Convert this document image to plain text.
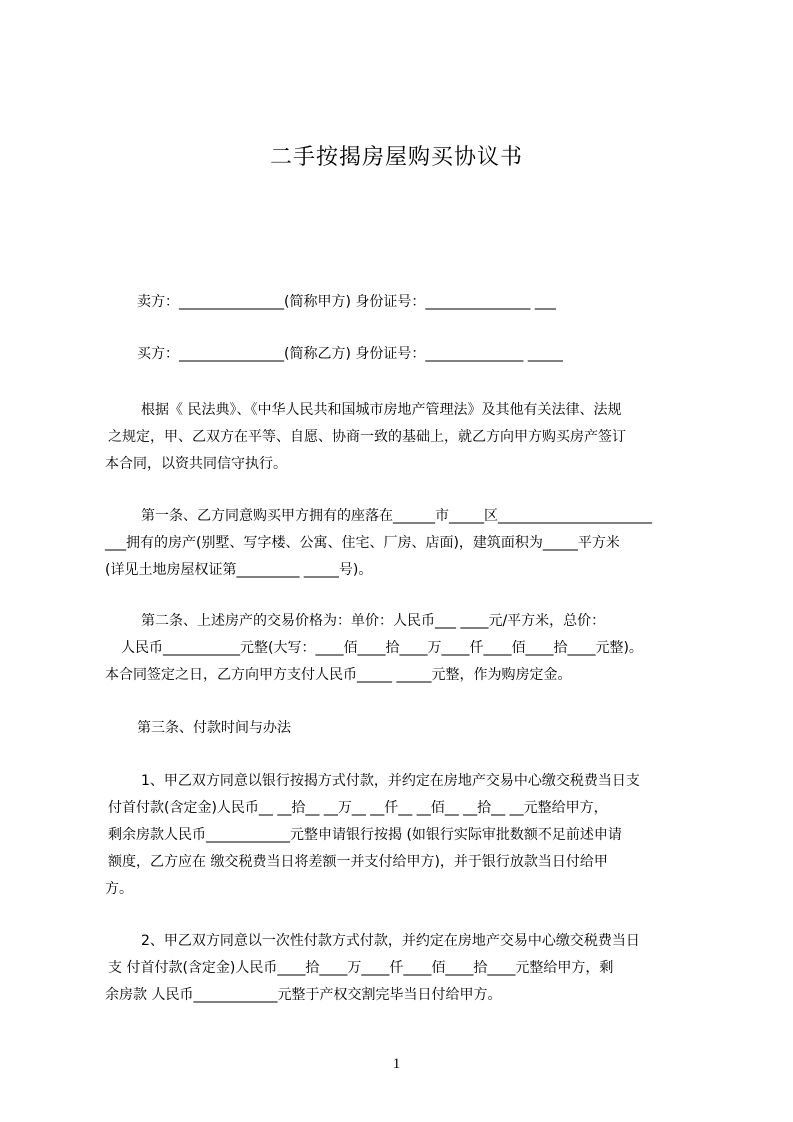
二手按揭房屋购买协议书
卖方：_______________(简称甲方) 身份证号：_______________ ___
买方：_______________(简称乙方) 身份证号：______________ _____
根据《 民法典》、《中华人民共和国城市房地产管理法》及其他有关法律、法规
之规定，甲、乙双方在平等、自愿、协商一致的基础上，就乙方向甲方购买房产签订
本合同，以资共同信守执行。
第一条、乙方同意购买甲方拥有的座落在______市_____区______________________
___拥有的房产(别墅、写字楼、公寓、住宅、厂房、店面)，建筑面积为_____平方米
(详见土地房屋权证第_________ _____号)。
第二条、上述房产的交易价格为：单价：人民币___ ____元/平方米，总价：
人民币___________元整(大写：____佰____拾____万____仟____佰____拾____元整)。
本合同签定之日，乙方向甲方支付人民币_____ _____元整，作为购房定金。
第三条、付款时间与办法
1、甲乙双方同意以银行按揭方式付款，并约定在房地产交易中心缴交税费当日支
付首付款(含定金)人民币__ __拾__ __万__ __仟__ __佰__ __拾__ __元整给甲方，
剩余房款人民币____________元整申请银行按揭 (如银行实际审批数额不足前述申请
额度，乙方应在 缴交税费当日将差额一并支付给甲方)，并于银行放款当日付给甲
方。
2、甲乙双方同意以一次性付款方式付款，并约定在房地产交易中心缴交税费当日
支 付首付款(含定金)人民币____拾____万____仟____佰____拾____元整给甲方，剩
余房款 人民币____________元整于产权交割完毕当日付给甲方。
1
